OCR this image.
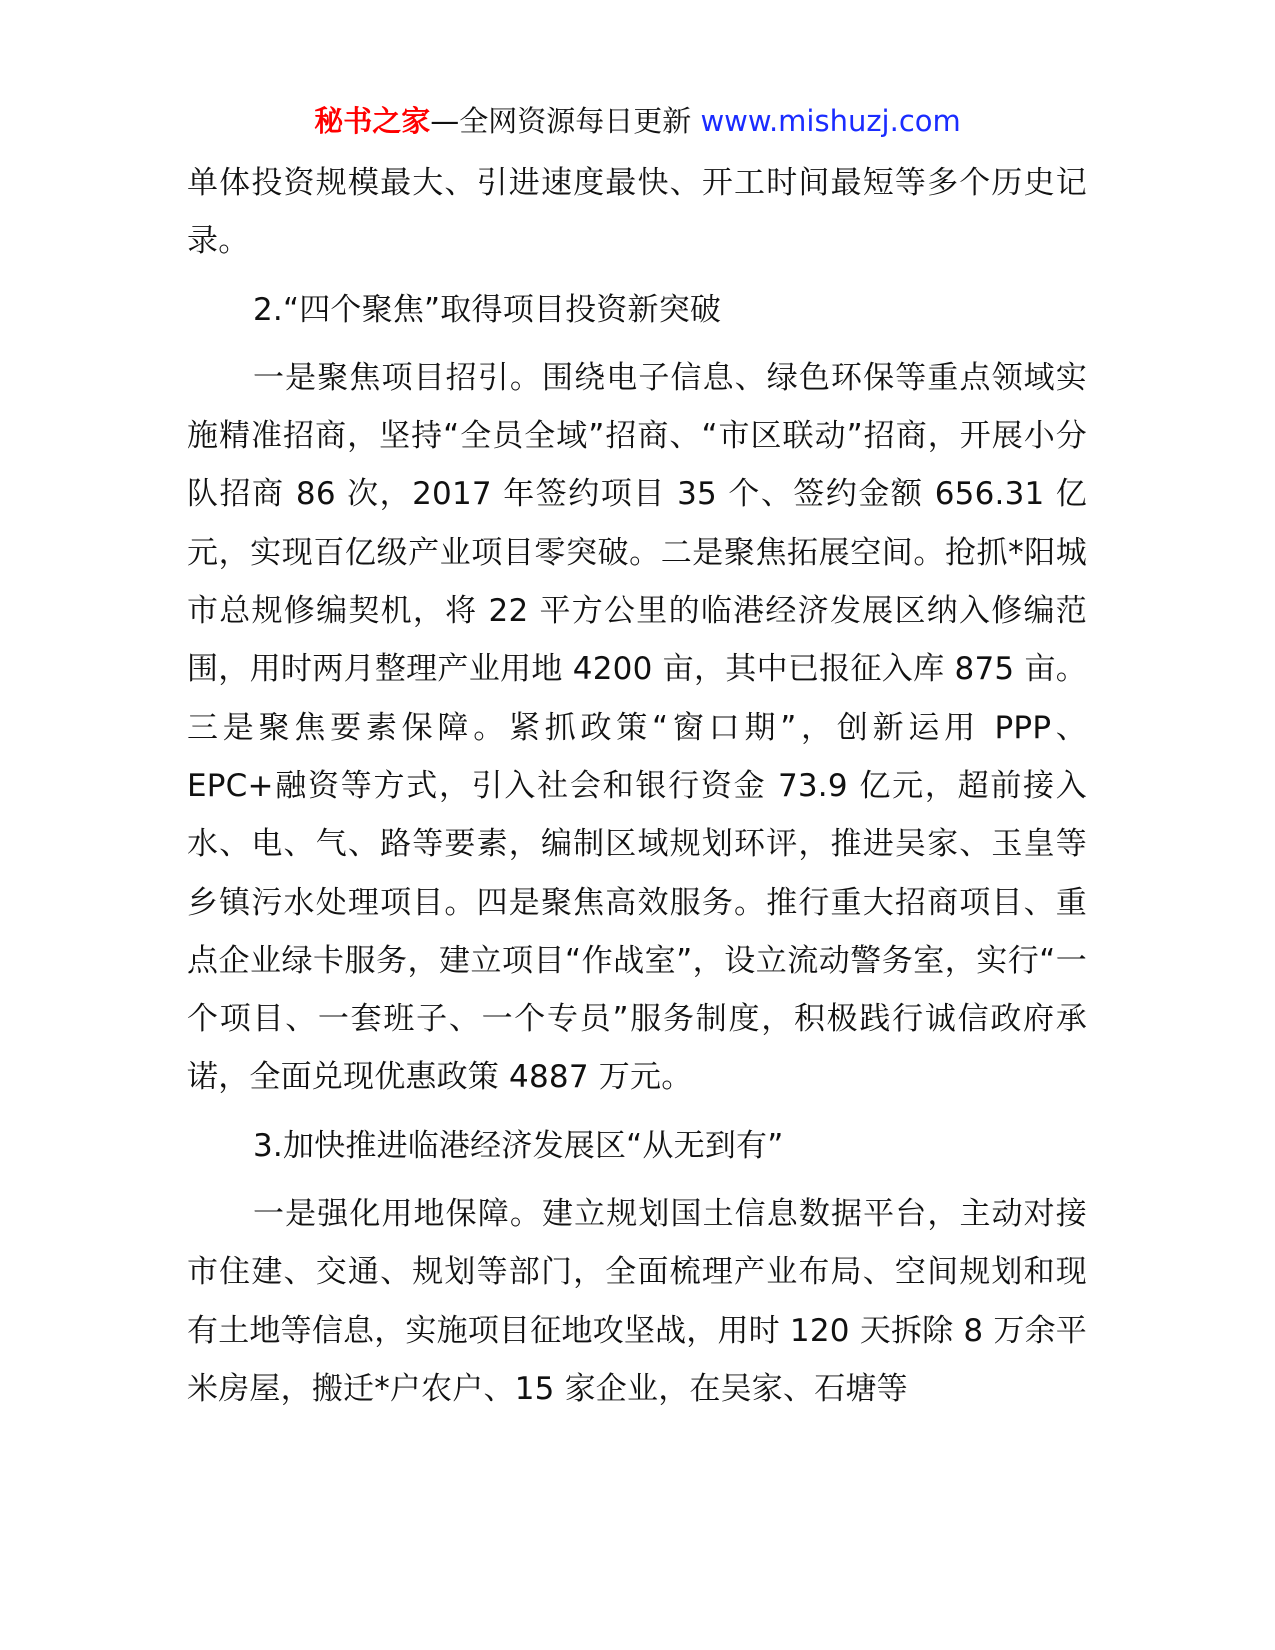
秘书之家—全网资源每日更新 www.mishuzj.com

单体投资规模最大、引进速度最快、开工时间最短等多个历史记录。

2.“四个聚焦”取得项目投资新突破

一是聚焦项目招引。围绕电子信息、绿色环保等重点领域实施精准招商，坚持“全员全域”招商、“市区联动”招商，开展小分队招商 86 次，2017 年签约项目 35 个、签约金额 656.31 亿元，实现百亿级产业项目零突破。二是聚焦拓展空间。抢抓*阳城市总规修编契机，将 22 平方公里的临港经济发展区纳入修编范围，用时两月整理产业用地 4200 亩，其中已报征入库 875 亩。三是聚焦要素保障。紧抓政策“窗口期”，创新运用 PPP、EPC+融资等方式，引入社会和银行资金 73.9 亿元，超前接入水、电、气、路等要素，编制区域规划环评，推进吴家、玉皇等乡镇污水处理项目。四是聚焦高效服务。推行重大招商项目、重点企业绿卡服务，建立项目“作战室”，设立流动警务室，实行“一个项目、一套班子、一个专员”服务制度，积极践行诚信政府承诺，全面兑现优惠政策 4887 万元。

3.加快推进临港经济发展区“从无到有”

一是强化用地保障。建立规划国土信息数据平台，主动对接市住建、交通、规划等部门，全面梳理产业布局、空间规划和现有土地等信息，实施项目征地攻坚战，用时 120 天拆除 8 万余平米房屋，搬迁*户农户、15 家企业，在吴家、石塘等
